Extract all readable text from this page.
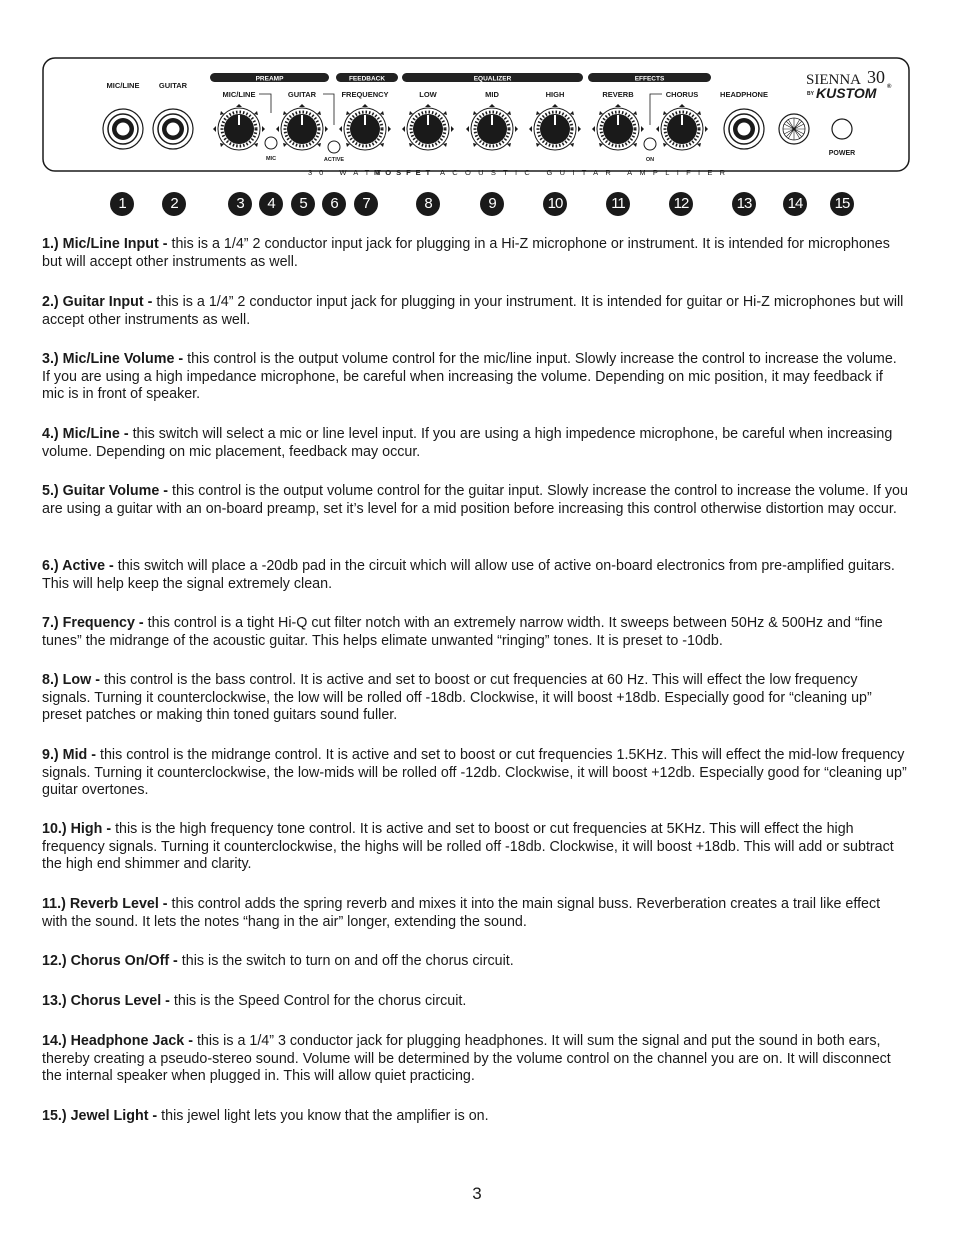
PREAMP	FEEDBACK	EQUALIZER	EFFECTS
MIC/LINE	GUITAR
MIC/LINE	GUITAR	FREQUENCY	LOW	MID	HIGH	REVERB	CHORUS	HEADPHONE
MIC	ACTIVE	ON
POWER
SIENNA 30
BY KUSTOM ®
30 WATT
MOSFET ACOUSTIC GUITAR AMPLIFIER
1	2	3	4	5	6	7	8	9	10	11	12	13	14	15

1.) Mic/Line Input - this is a 1/4” 2 conductor input jack for plugging in a Hi-Z microphone or instrument. It is intended for microphones but will accept other instruments as well.

2.) Guitar Input - this is a 1/4” 2 conductor input jack for plugging in your instrument. It is intended for guitar or Hi-Z microphones but will accept other instruments as well.

3.) Mic/Line Volume - this control is the output volume control for the mic/line input. Slowly increase the control to increase the volume. If you are using a high impedance microphone, be careful when increasing the volume. Depending on mic position, it may feedback if mic is in front of speaker.

4.) Mic/Line - this switch will select a mic or line level input. If you are using a high impedence microphone, be careful when increasing volume. Depending on mic placement, feedback may occur.

5.) Guitar Volume - this control is the output volume control for the guitar input. Slowly increase the control to increase the volume. If you are using a guitar with an on-board preamp, set it’s level for a mid position before increasing this control otherwise distortion may occur.

6.) Active - this switch will place a -20db pad in the circuit which will allow use of active on-board electronics from pre-amplified guitars. This will help keep the signal extremely clean.

7.) Frequency - this control is a tight Hi-Q cut filter notch with an extremely narrow width. It sweeps between 50Hz & 500Hz and “fine tunes” the midrange of the acoustic guitar. This helps elimate unwanted “ringing” tones. It is preset to -10db.

8.) Low - this control is the bass control. It is active and set to boost or cut frequencies at 60 Hz. This will effect the low frequency signals. Turning it counterclockwise, the low will be rolled off -18db. Clockwise, it will boost +18db. Especially good for “cleaning up” preset patches or making thin toned guitars sound fuller.

9.) Mid - this control is the midrange control. It is active and set to boost or cut frequencies 1.5KHz. This will effect the mid-low frequency signals. Turning it counterclockwise, the low-mids will be rolled off -12db. Clockwise, it will boost +12db. Especially good for “cleaning up” guitar overtones.

10.) High - this is the high frequency tone control. It is active and set to boost or cut frequencies at 5KHz. This will effect the high frequency signals. Turning it counterclockwise, the highs will be rolled off -18db. Clockwise, it will boost +18db. This will add or subtract the high end shimmer and clarity.

11.) Reverb Level - this control adds the spring reverb and mixes it into the main signal buss. Reverberation creates a trail like effect with the sound. It lets the notes “hang in the air” longer, extending the sound.

12.) Chorus On/Off - this is the switch to turn on and off the chorus circuit.

13.) Chorus Level - this is the Speed Control for the chorus circuit.

14.) Headphone Jack - this is a 1/4” 3 conductor jack for plugging headphones. It will sum the signal and put the sound in both ears, thereby creating a pseudo-stereo sound. Volume will be determined by the volume control on the channel you are on. It will disconnect the internal speaker when plugged in. This will allow quiet practicing.

15.) Jewel Light - this jewel light lets you know that the amplifier is on.

3
